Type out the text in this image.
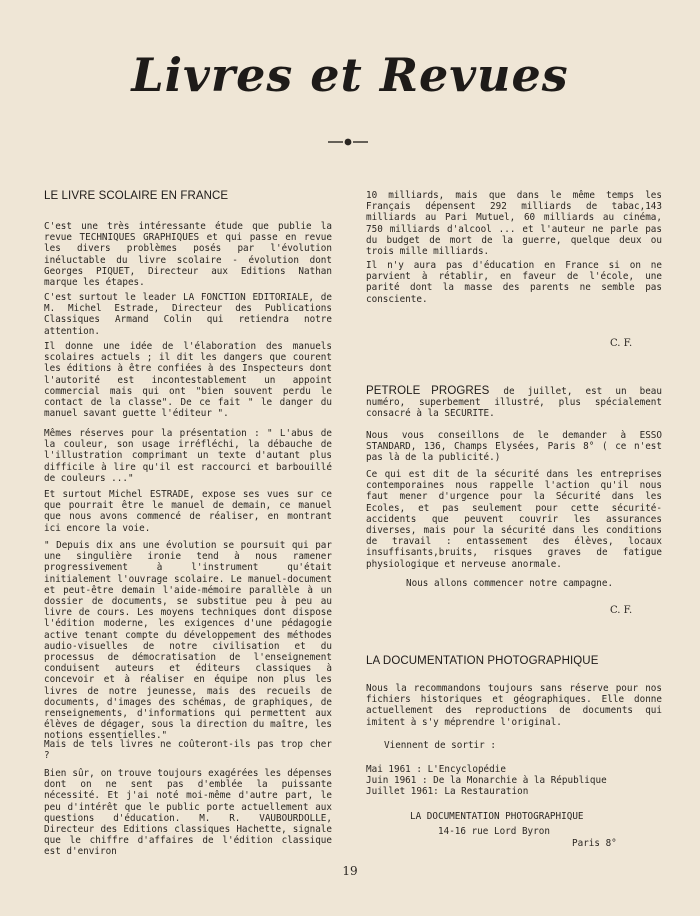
Livres et Revues
LE LIVRE SCOLAIRE EN FRANCE

C'est une très intéressante étude que publie la revue TECHNIQUES GRAPHIQUES et qui passe en revue les divers problèmes posés par l'évolution inéluctable du livre scolaire - évolution dont Georges PIQUET, Directeur aux Editions Nathan marque les étapes.

C'est surtout le leader LA FONCTION EDITORIALE, de M. Michel Estrade, Directeur des Publications Classiques Armand Colin qui retiendra notre attention.

Il donne une idée de l'élaboration des manuels scolaires actuels ; il dit les dangers que courent les éditions à être confiées à des Inspecteurs dont l'autorité est incontestablement un appoint commercial mais qui ont "bien souvent perdu le contact de la classe". De ce fait " le danger du manuel savant guette l'éditeur ".

Mêmes réserves pour la présentation : " L'abus de la couleur, son usage irréfléchi, la débauche de l'illustration comprimant un texte d'autant plus difficile à lire qu'il est raccourci et barbouillé de couleurs ..."

Et surtout Michel ESTRADE, expose ses vues sur ce que pourrait être le manuel de demain, ce manuel que nous avons commencé de réaliser, en montrant ici encore la voie.

" Depuis dix ans une évolution se poursuit qui par une singulière ironie tend à nous ramener progressivement à l'instrument qu'était initialement l'ouvrage scolaire. Le manuel-document et peut-être demain l'aide-mémoire parallèle à un dossier de documents, se substitue peu à peu au livre de cours. Les moyens techniques dont dispose l'édition moderne, les exigences d'une pédagogie active tenant compte du développement des méthodes audio-visuelles de notre civilisation et du processus de démocratisation de l'enseignement conduisent auteurs et éditeurs classiques à concevoir et à réaliser en équipe non plus les livres de notre jeunesse, mais des recueils de documents, d'images des schémas, de graphiques, de renseignements, d'informations qui permettent aux élèves de dégager, sous la direction du maître, les notions essentielles."

Mais de tels livres ne coûteront-ils pas trop cher ?

Bien sûr, on trouve toujours exagérées les dépenses dont on ne sent pas d'emblée la puissante nécessité. Et j'ai noté moi-même d'autre part, le peu d'intérêt que le public porte actuellement aux questions d'éducation. M. R. VAUBOURDOLLE, Directeur des Editions classiques Hachette, signale que le chiffre d'affaires de l'édition classique est d'environ

10 milliards, mais que dans le même temps les Français dépensent 292 milliards de tabac,143 milliards au Pari Mutuel, 60 milliards au cinéma, 750 milliards d'alcool ... et l'auteur ne parle pas du budget de mort de la guerre, quelque deux ou trois mille milliards.

Il n'y aura pas d'éducation en France si on ne parvient à rétablir, en faveur de l'école, une parité dont la masse des parents ne semble pas consciente.

C. F.

PETROLE PROGRES de juillet, est un beau numéro, superbement illustré, plus spécialement consacré à la SECURITE.

Nous vous conseillons de le demander à ESSO STANDARD, 136, Champs Elysées, Paris 8° ( ce n'est pas là de la publicité.)

Ce qui est dit de la sécurité dans les entreprises contemporaines nous rappelle l'action qu'il nous faut mener d'urgence pour la Sécurité dans les Ecoles, et pas seulement pour cette sécurité-accidents que peuvent couvrir les assurances diverses, mais pour la sécurité dans les conditions de travail : entassement des élèves, locaux insuffisants,bruits, risques graves de fatigue physiologique et nerveuse anormale.

Nous allons commencer notre campagne.

C. F.
LA DOCUMENTATION PHOTOGRAPHIQUE

Nous la recommandons toujours sans réserve pour nos fichiers historiques et géographiques. Elle donne actuellement des reproductions de documents qui imitent à s'y méprendre l'original.

Viennent de sortir :

Mai 1961 : L'Encyclopédie
Juin 1961 : De la Monarchie à la République
Juillet 1961: La Restauration
LA DOCUMENTATION PHOTOGRAPHIQUE
14-16 rue Lord Byron
Paris 8°
19
